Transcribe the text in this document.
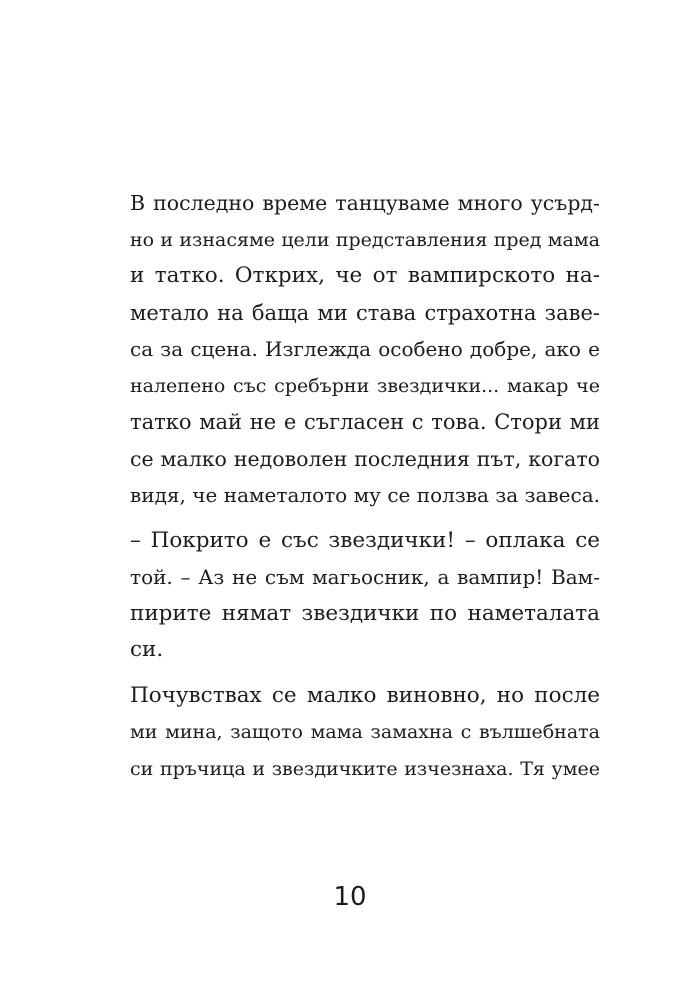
В последно време танцуваме много усърд-
но и изнасяме цели представления пред мама
и татко. Открих, че от вампирското на-
метало на баща ми става страхотна заве-
са за сцена. Изглежда особено добре, ако е
налепено със сребърни звездички... макар че
татко май не е съгласен с това. Стори ми
се малко недоволен последния път, когато
видя, че наметалото му се ползва за завеса.
– Покрито е със звездички! – оплака се
той. – Аз не съм магьосник, а вампир! Вам-
пирите нямат звездички по наметалата
си.
Почувствах се малко виновно, но после
ми мина, защото мама замахна с вълшебната
си пръчица и звездичките изчезнаха. Тя умее
10
